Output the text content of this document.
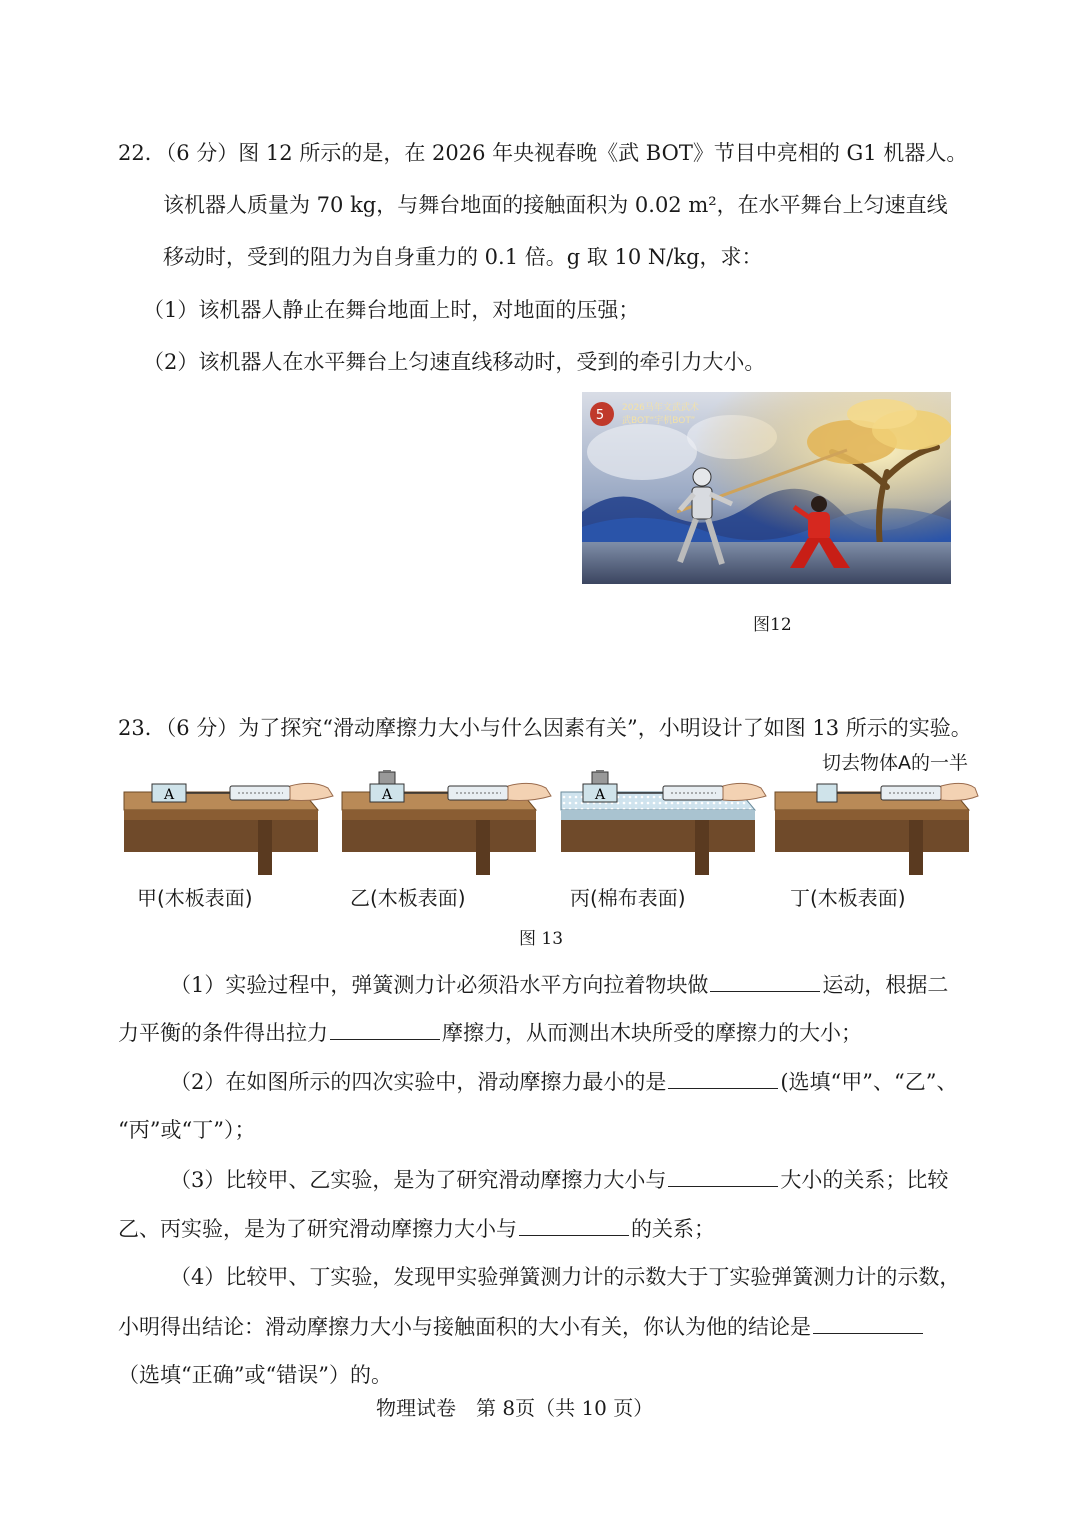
22．（6 分）图 12 所示的是，在 2026 年央视春晚《武 BOT》节目中亮相的 G1 机器人。
该机器人质量为 70 kg，与舞台地面的接触面积为 0.02 m²，在水平舞台上匀速直线
移动时，受到的阻力为自身重力的 0.1 倍。g 取 10 N/kg，求：
（1）该机器人静止在舞台地面上时，对地面的压强；
（2）该机器人在水平舞台上匀速直线移动时，受到的牵引力大小。
5 2026马年文武武术
武BOT“宇机BOT”
图12
23．（6 分）为了探究“滑动摩擦力大小与什么因素有关”，小明设计了如图 13 所示的实验。
切去物体A的一半
A	A	A
甲(木板表面)	乙(木板表面)	丙(棉布表面)	丁(木板表面)
图 13
（1）实验过程中，弹簧测力计必须沿水平方向拉着物块做	运动，根据二
力平衡的条件得出拉力	摩擦力，从而测出木块所受的摩擦力的大小；
（2）在如图所示的四次实验中，滑动摩擦力最小的是	(选填“甲”、“乙”、
“丙”或“丁”）；
（3）比较甲、乙实验，是为了研究滑动摩擦力大小与	大小的关系；比较
乙、丙实验，是为了研究滑动摩擦力大小与	的关系；
（4）比较甲、丁实验，发现甲实验弹簧测力计的示数大于丁实验弹簧测力计的示数，
小明得出结论：滑动摩擦力大小与接触面积的大小有关，你认为他的结论是
（选填“正确”或“错误”）的。
物理试卷　第 8页（共 10 页）
